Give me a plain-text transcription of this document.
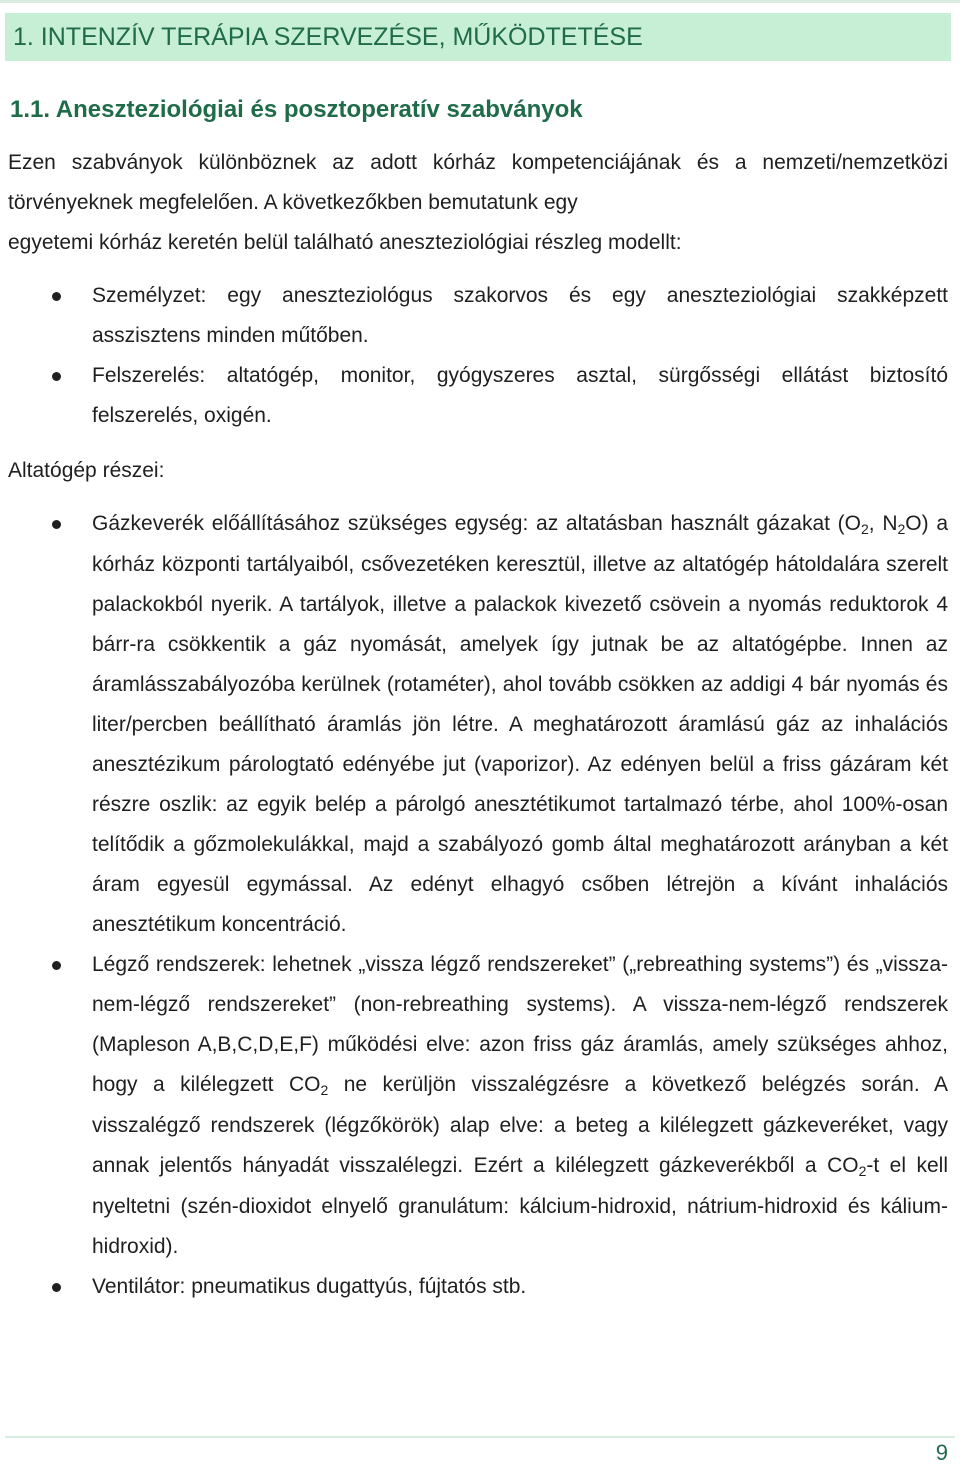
1. INTENZÍV TERÁPIA SZERVEZÉSE, MŰKÖDTETÉSE
1.1. Aneszteziológiai és posztoperatív szabványok
Ezen szabványok különböznek az adott kórház kompetenciájának és a nemzeti/nemzetközi törvényeknek megfelelően. A következőkben bemutatunk egy
egyetemi kórház keretén belül található aneszteziológiai részleg modellt:
Személyzet: egy aneszteziológus szakorvos és egy aneszteziológiai szakképzett asszisztens minden műtőben.
Felszerelés: altatógép, monitor, gyógyszeres asztal, sürgősségi ellátást biztosító felszerelés, oxigén.
Altatógép részei:
Gázkeverék előállításához szükséges egység: az altatásban használt gázakat (O2, N2O) a kórház központi tartályaiból, csővezetéken keresztül, illetve az altatógép hátoldalára szerelt palackokból nyerik. A tartályok, illetve a palackok kivezető csövein a nyomás reduktorok 4 bárr-ra csökkentik a gáz nyomását, amelyek így jutnak be az altatógépbe. Innen az áramlásszabályozóba kerülnek (rotaméter), ahol tovább csökken az addigi 4 bár nyomás és liter/percben beállítható áramlás jön létre. A meghatározott áramlású gáz az inhalációs anesztézikum párologtató edényébe jut (vaporizor). Az edényen belül a friss gázáram két részre oszlik: az egyik belép a párolgó anesztétikumot tartalmazó térbe, ahol 100%-osan telítődik a gőzmolekulákkal, majd a szabályozó gomb által meghatározott arányban a két áram egyesül egymással. Az edényt elhagyó csőben létrejön a kívánt inhalációs anesztétikum koncentráció.
Légző rendszerek: lehetnek „vissza légző rendszereket” („rebreathing systems”) és „vissza-nem-légző rendszereket” (non-rebreathing systems). A vissza-nem-légző rendszerek (Mapleson A,B,C,D,E,F) működési elve: azon friss gáz áramlás, amely szükséges ahhoz, hogy a kilélegzett CO2 ne kerüljön visszalégzésre a következő belégzés során. A visszalégző rendszerek (légzőkörök) alap elve: a beteg a kilélegzett gázkeveréket, vagy annak jelentős hányadát visszalélegzi. Ezért a kilélegzett gázkeverékből a CO2-t el kell nyeltetni (szén-dioxidot elnyelő granulátum: kálcium-hidroxid, nátrium-hidroxid és kálium-hidroxid).
Ventilátor: pneumatikus dugattyús, fújtatós stb.
9
